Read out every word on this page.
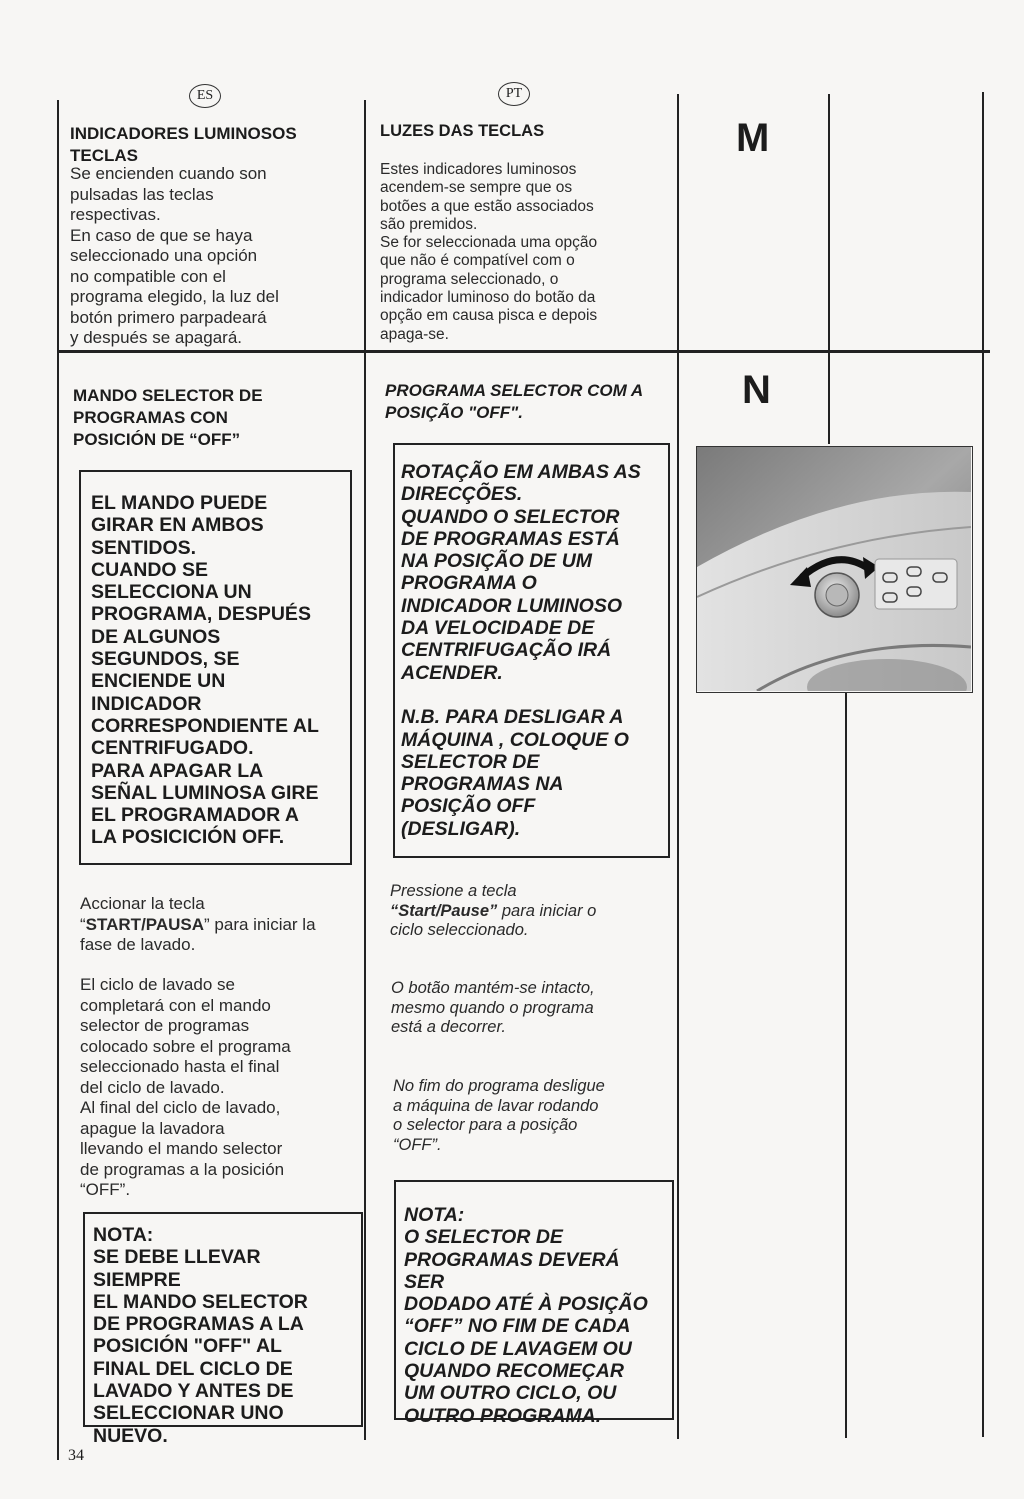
ES	PT
M
N
INDICADORES LUMINOSOS
TECLAS
Se encienden cuando son
pulsadas las teclas
respectivas.
En caso de que se haya
seleccionado una opción
no compatible con el
programa elegido, la luz del
botón primero parpadeará
y después se apagará.
LUZES DAS TECLAS
Estes indicadores luminosos
acendem-se sempre que os
botões a que estão associados
são premidos.
Se for seleccionada uma opção
que não é compatível com o
programa seleccionado, o
indicador luminoso do botão da
opção em causa pisca e depois
apaga-se.
MANDO SELECTOR DE
PROGRAMAS CON
POSICIÓN DE “OFF”
EL MANDO PUEDE
GIRAR EN AMBOS
SENTIDOS.
CUANDO SE
SELECCIONA UN
PROGRAMA, DESPUÉS
DE ALGUNOS
SEGUNDOS, SE
ENCIENDE UN
INDICADOR
CORRESPONDIENTE AL
CENTRIFUGADO.
PARA APAGAR LA
SEÑAL LUMINOSA GIRE
EL PROGRAMADOR A
LA POSICICIÓN OFF.
Accionar la tecla
“START/PAUSA” para iniciar la
fase de lavado.
El ciclo de lavado se
completará con el mando
selector de programas
colocado sobre el programa
seleccionado hasta el final
del ciclo de lavado.
Al final del ciclo de lavado,
apague la lavadora
llevando el mando selector
de programas a la posición
“OFF”.
NOTA:
SE DEBE LLEVAR SIEMPRE
EL MANDO SELECTOR
DE PROGRAMAS A LA
POSICIÓN "OFF" AL
FINAL DEL CICLO DE
LAVADO Y ANTES DE
SELECCIONAR UNO
NUEVO.
PROGRAMA SELECTOR COM A
POSIÇÃO "OFF".
ROTAÇÃO EM AMBAS AS
DIRECÇÕES.
QUANDO O SELECTOR
DE PROGRAMAS ESTÁ
NA POSIÇÃO DE UM
PROGRAMA O
INDICADOR LUMINOSO
DA VELOCIDADE DE
CENTRIFUGAÇÃO IRÁ
ACENDER.

N.B. PARA DESLIGAR A
MÁQUINA , COLOQUE O
SELECTOR DE
PROGRAMAS NA
POSIÇÃO OFF
(DESLIGAR).
Pressione a tecla
“Start/Pause” para iniciar o
ciclo seleccionado.
O botão mantém-se intacto,
mesmo quando o programa
está a decorrer.
No fim do programa desligue
a máquina de lavar rodando
o selector para a posição
“OFF”.
NOTA:
O SELECTOR DE
PROGRAMAS DEVERÁ SER
DODADO ATÉ À POSIÇÃO
“OFF” NO FIM DE CADA
CICLO DE LAVAGEM OU
QUANDO RECOMEÇAR
UM OUTRO CICLO, OU
OUTRO PROGRAMA.
34
